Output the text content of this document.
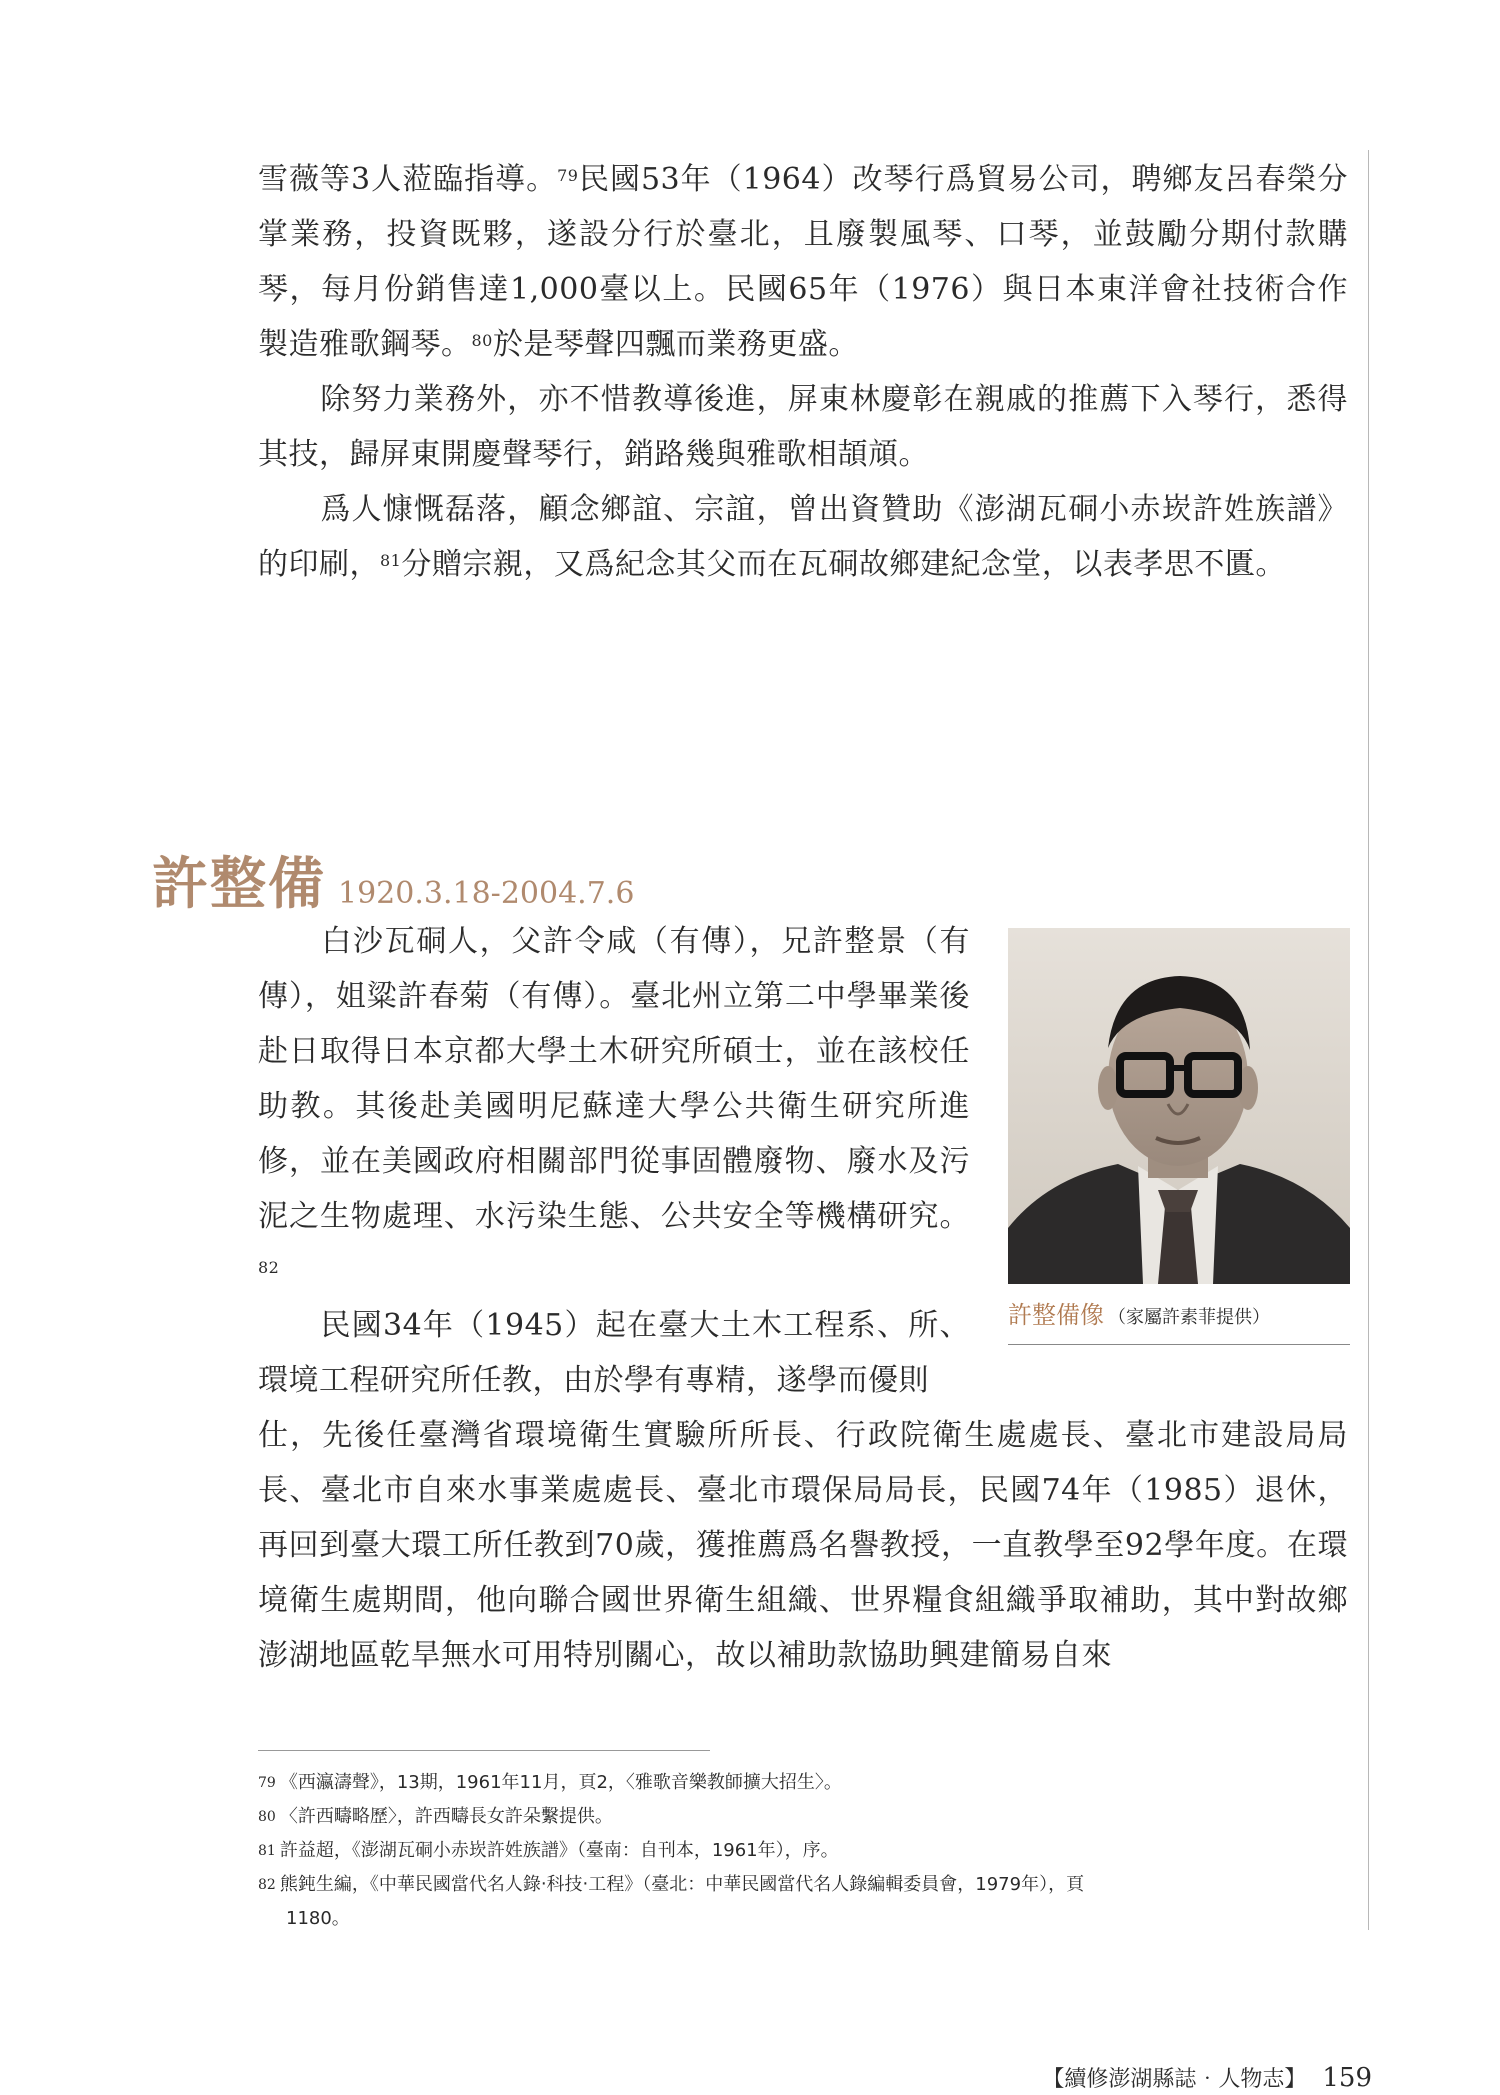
雪薇等3人蒞臨指導。$^{79}$民國53年（1964）改琴行爲貿易公司，聘鄉友呂春榮分掌業務，投資既夥，遂設分行於臺北，且廢製風琴、口琴，並鼓勵分期付款購琴，每月份銷售達1,000臺以上。民國65年（1976）與日本東洋會社技術合作製造雅歌鋼琴。$^{80}$於是琴聲四飄而業務更盛。

　　除努力業務外，亦不惜教導後進，屏東林慶彰在親戚的推薦下入琴行，悉得其技，歸屏東開慶聲琴行，銷路幾與雅歌相頡頏。

　　爲人慷慨磊落，顧念鄉誼、宗誼，曾出資贊助《澎湖瓦硐小赤崁許姓族譜》的印刷，$^{81}$分贈宗親，又爲紀念其父而在瓦硐故鄉建紀念堂，以表孝思不匱。

許整備 1920.3.18-2004.7.6

　　白沙瓦硐人，父許令咸（有傳），兄許整景（有傳），姐粱許春菊（有傳）。臺北州立第二中學畢業後赴日取得日本京都大學土木研究所碩士，並在該校任助教。其後赴美國明尼蘇達大學公共衛生研究所進修，並在美國政府相關部門從事固體廢物、廢水及污泥之生物處理、水污染生態、公共安全等機構研究。$^{82}$

　　民國34年（1945）起在臺大土木工程系、所、環境工程研究所任教，由於學有專精，遂學而優則

仕，先後任臺灣省環境衛生實驗所所長、行政院衛生處處長、臺北市建設局局長、臺北市自來水事業處處長、臺北市環保局局長，民國74年（1985）退休，再回到臺大環工所任教到70歲，獲推薦爲名譽教授，一直教學至92學年度。在環境衛生處期間，他向聯合國世界衛生組織、世界糧食組織爭取補助，其中對故鄉澎湖地區乾旱無水可用特別關心，故以補助款協助興建簡易自來

許整備像 （家屬許素菲提供）

$^{79}$ 《西瀛濤聲》，13期，1961年11月，頁2，〈雅歌音樂教師擴大招生〉。

$^{80}$ 〈許西疇略歷〉，許西疇長女許朵繫提供。

$^{81}$ 許益超，《澎湖瓦硐小赤崁許姓族譜》（臺南：自刊本，1961年），序。

$^{82}$ 熊鈍生編，《中華民國當代名人錄‧科技‧工程》（臺北：中華民國當代名人錄編輯委員會，1979年），頁

1180。

【續修澎湖縣誌‧人物志】 159
